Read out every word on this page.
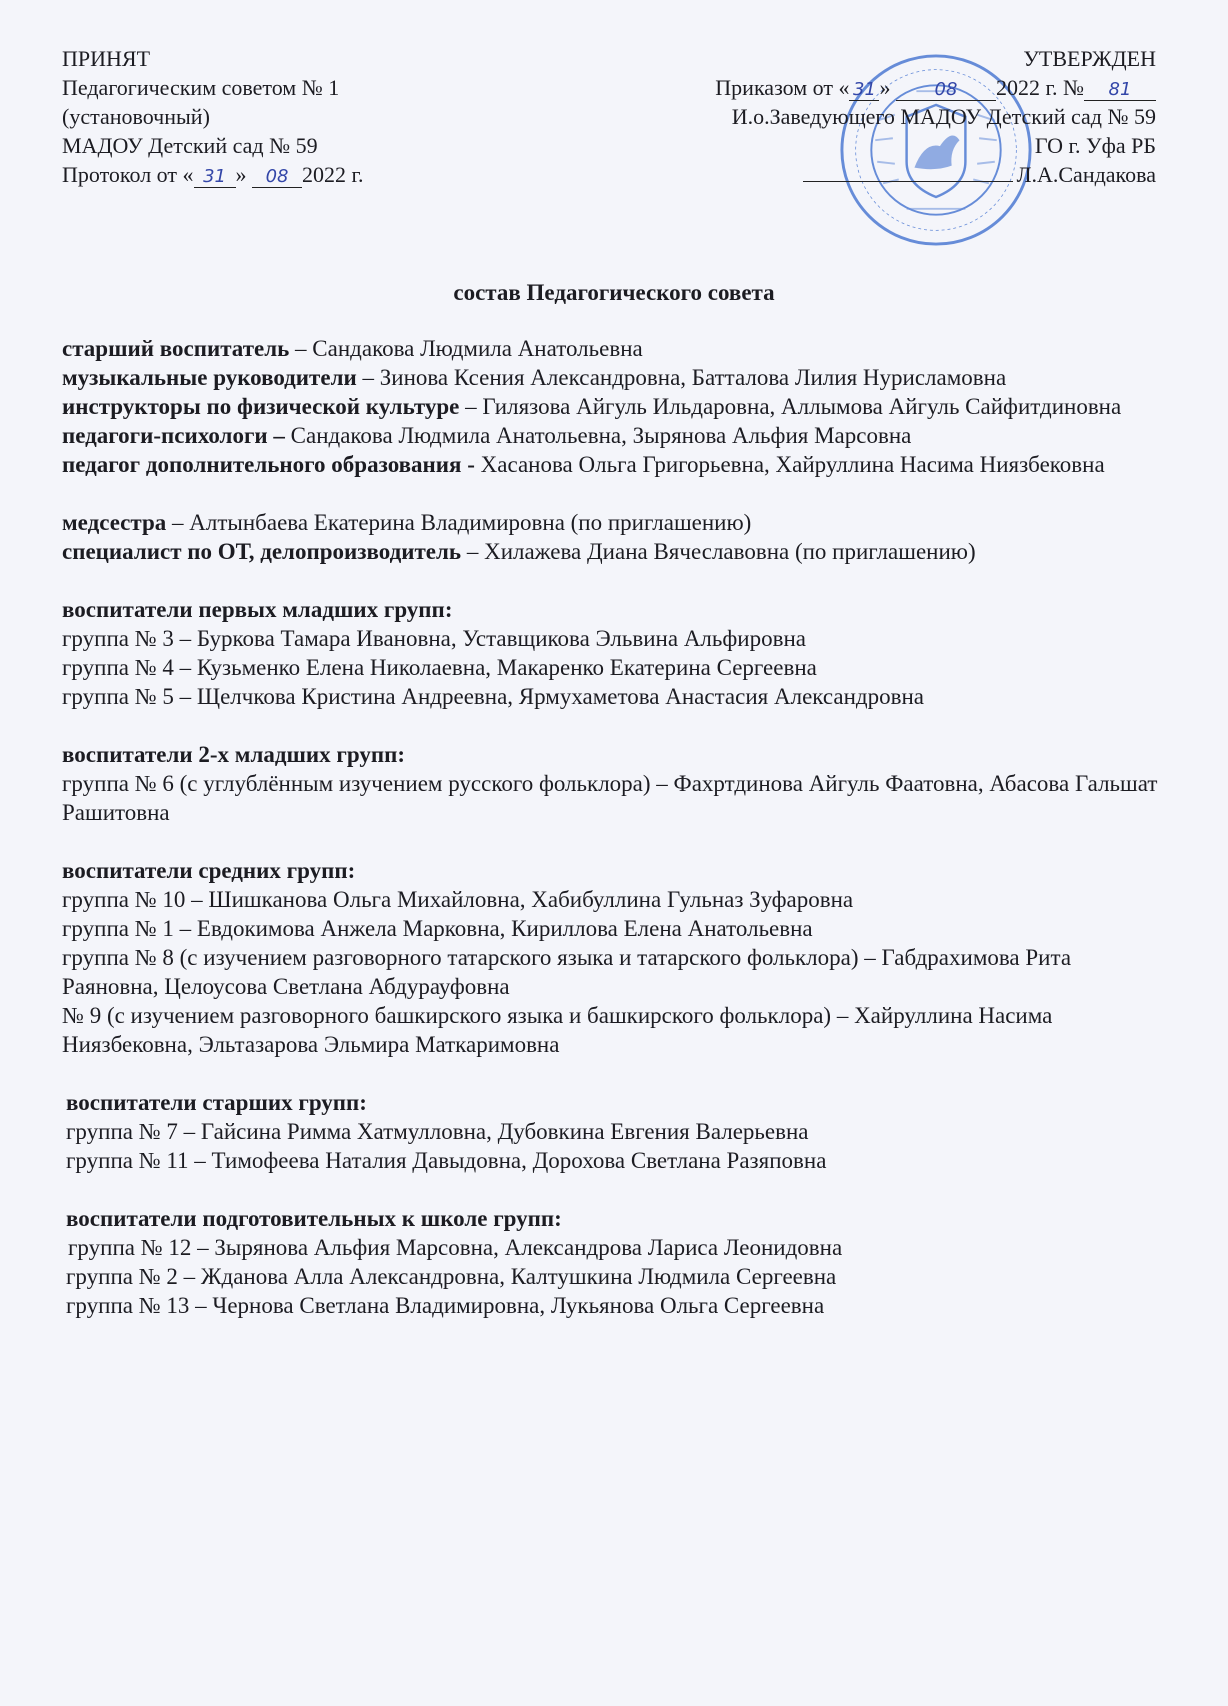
ПРИНЯТ
Педагогическим советом № 1
(установочный)
МАДОУ Детский сад № 59
Протокол от « 31 » 08 2022 г.
УТВЕРЖДЕН
Приказом от « 31 » 08 2022 г. № 81
И.о.Заведующего МАДОУ Детский сад № 59
ГО г. Уфа РБ
Л.А.Сандакова
состав Педагогического совета

старший воспитатель – Сандакова Людмила Анатольевна

музыкальные руководители – Зинова Ксения Александровна, Батталова Лилия Нурисламовна

инструкторы по физической культуре – Гилязова Айгуль Ильдаровна, Аллымова Айгуль Сайфитдиновна

педагоги-психологи – Сандакова Людмила Анатольевна, Зырянова Альфия Марсовна

педагог дополнительного образования - Хасанова Ольга Григорьевна, Хайруллина Насима Ниязбековна

медсестра – Алтынбаева Екатерина Владимировна (по приглашению)

специалист по ОТ, делопроизводитель – Хилажева Диана Вячеславовна (по приглашению)

воспитатели первых младших групп:

группа № 3 – Буркова Тамара Ивановна, Уставщикова Эльвина Альфировна

группа № 4 – Кузьменко Елена Николаевна, Макаренко Екатерина Сергеевна

группа № 5 – Щелчкова Кристина Андреевна, Ярмухаметова Анастасия Александровна

воспитатели 2-х младших групп:

группа № 6 (с углублённым изучением русского фольклора) – Фахртдинова Айгуль Фаатовна, Абасова Гальшат Рашитовна

воспитатели средних групп:

группа № 10 – Шишканова Ольга Михайловна, Хабибуллина Гульназ Зуфаровна

группа № 1 – Евдокимова Анжела Марковна, Кириллова Елена Анатольевна

группа № 8 (с изучением разговорного татарского языка и татарского фольклора) – Габдрахимова Рита Раяновна, Целоусова Светлана Абдурауфовна

№ 9 (с изучением разговорного башкирского языка и башкирского фольклора) – Хайруллина Насима Ниязбековна, Эльтазарова Эльмира Маткаримовна

воспитатели старших групп:

группа № 7 – Гайсина Римма Хатмулловна, Дубовкина Евгения Валерьевна

группа № 11 – Тимофеева Наталия Давыдовна, Дорохова Светлана Разяповна

воспитатели подготовительных к школе групп:

группа № 12 – Зырянова Альфия Марсовна, Александрова Лариса Леонидовна

группа № 2 – Жданова Алла Александровна, Калтушкина Людмила Сергеевна

группа № 13 – Чернова Светлана Владимировна, Лукьянова Ольга Сергеевна
